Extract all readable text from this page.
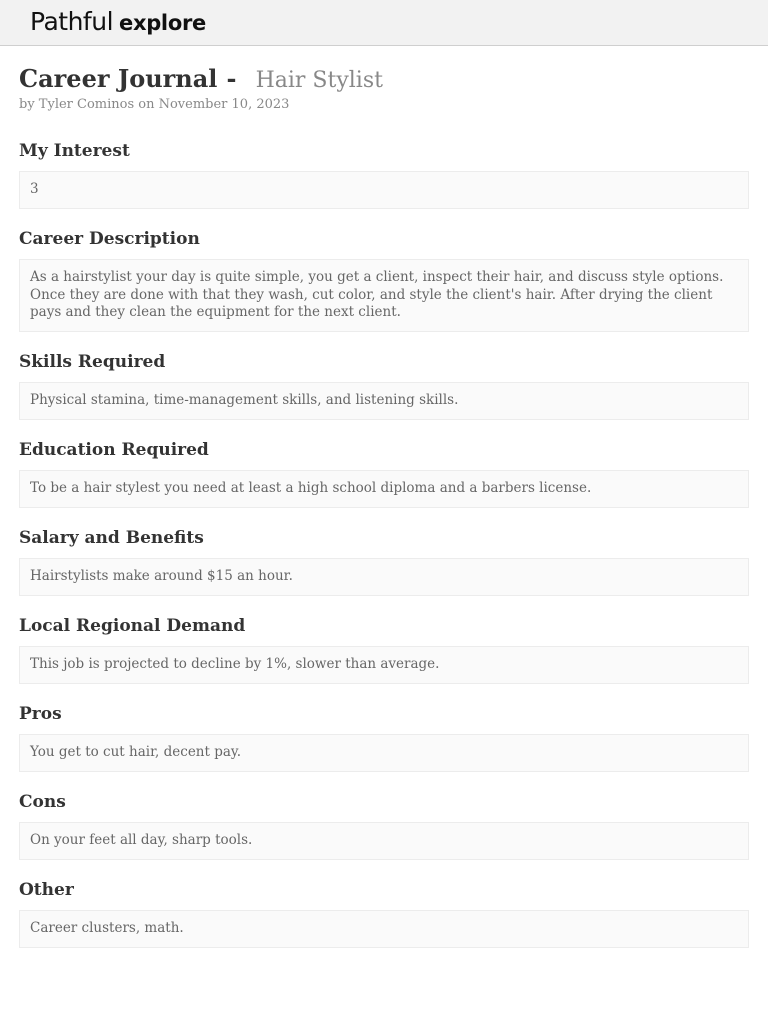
Pathful explore
Career Journal - Hair Stylist
by Tyler Cominos on November 10, 2023
My Interest
3
Career Description
As a hairstylist your day is quite simple, you get a client, inspect their hair, and discuss style options. Once they are done with that they wash, cut color, and style the client's hair. After drying the client pays and they clean the equipment for the next client.
Skills Required
Physical stamina, time-management skills, and listening skills.
Education Required
To be a hair stylest you need at least a high school diploma and a barbers license.
Salary and Benefits
Hairstylists make around $15 an hour.
Local Regional Demand
This job is projected to decline by 1%, slower than average.
Pros
You get to cut hair, decent pay.
Cons
On your feet all day, sharp tools.
Other
Career clusters, math.
